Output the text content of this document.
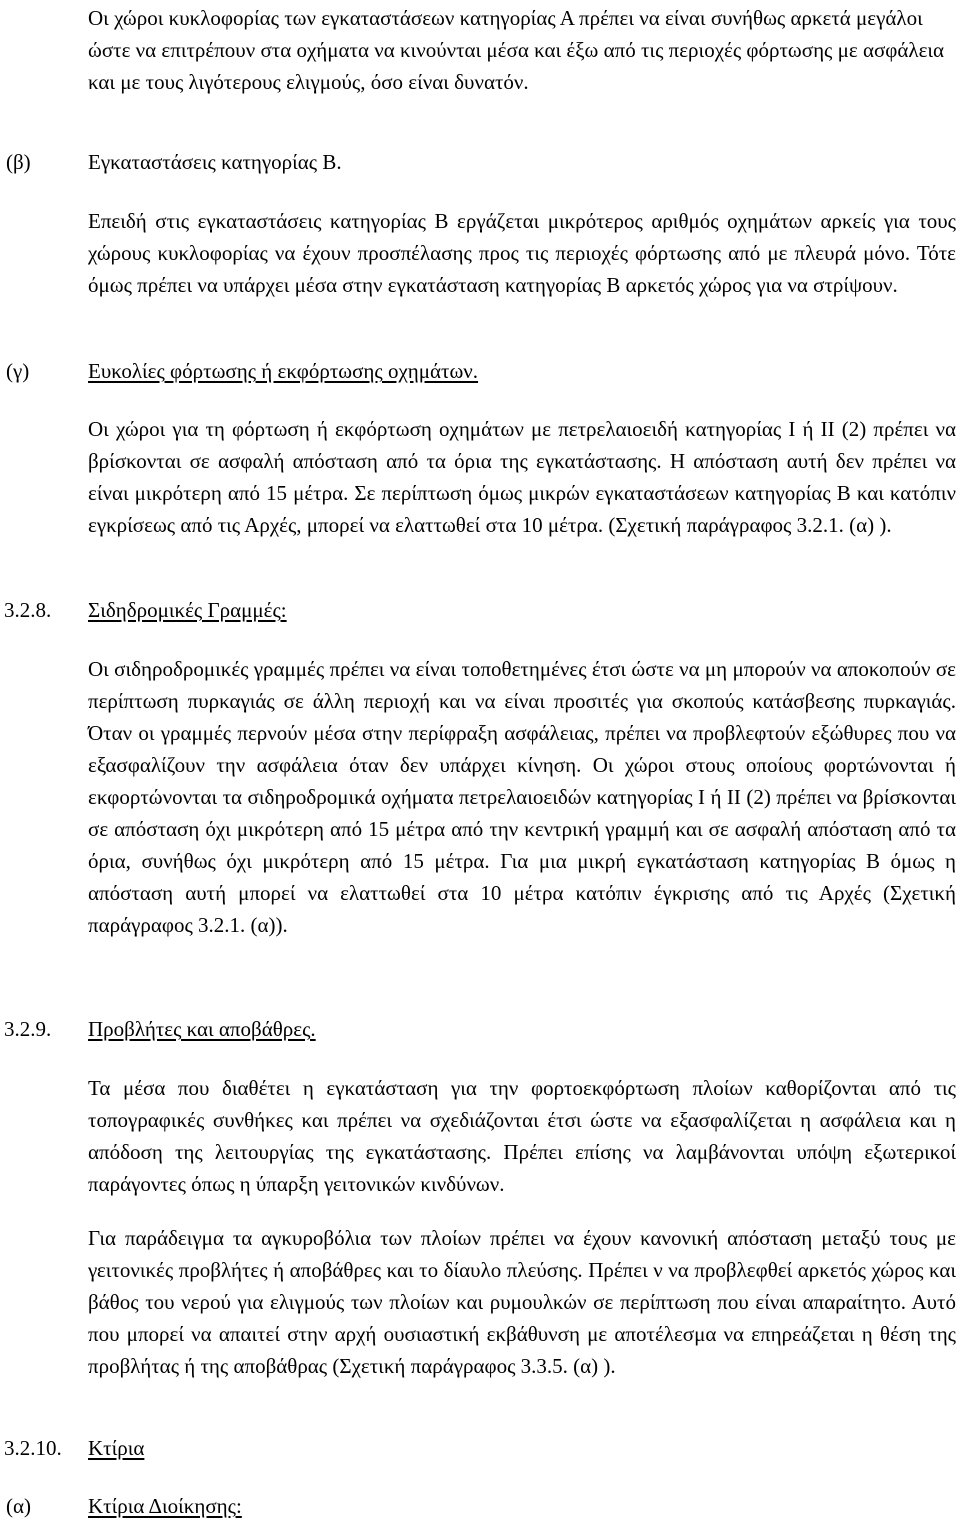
Οι χώροι κυκλοφορίας των εγκαταστάσεων κατηγορίας Α πρέπει να είναι συνήθως αρκετά μεγάλοι ώστε να επιτρέπουν στα οχήματα να κινούνται μέσα και έξω από τις περιοχές φόρτωσης με ασφάλεια και με τους λιγότερους ελιγμούς, όσο είναι δυνατόν.

(β)	Εγκαταστάσεις κατηγορίας Β.

Επειδή στις εγκαταστάσεις κατηγορίας Β εργάζεται μικρότερος αριθμός οχημάτων αρκείς για τους χώρους κυκλοφορίας να έχουν προσπέλασης προς τις περιοχές φόρτωσης από με πλευρά μόνο. Τότε όμως πρέπει να υπάρχει μέσα στην εγκατάσταση κατηγορίας Β αρκετός χώρος για να στρίψουν.

(γ)	Ευκολίες φόρτωσης ή εκφόρτωσης οχημάτων.

Οι χώροι για τη φόρτωση ή εκφόρτωση οχημάτων με πετρελαιοειδή κατηγορίας Ι ή ΙΙ (2) πρέπει να βρίσκονται σε ασφαλή απόσταση από τα όρια της εγκατάστασης. Η απόσταση αυτή δεν πρέπει να είναι μικρότερη από 15 μέτρα. Σε περίπτωση όμως μικρών εγκαταστάσεων κατηγορίας Β και κατόπιν εγκρίσεως από τις Αρχές, μπορεί να ελαττωθεί στα 10 μέτρα. (Σχετική παράγραφος 3.2.1. (α) ).

3.2.8. Σιδηδρομικές Γραμμές:

Οι σιδηροδρομικές γραμμές πρέπει να είναι τοποθετημένες έτσι ώστε να μη μπορούν να αποκοπούν σε περίπτωση πυρκαγιάς σε άλλη περιοχή και να είναι προσιτές για σκοπούς κατάσβεσης πυρκαγιάς. Όταν οι γραμμές περνούν μέσα στην περίφραξη ασφάλειας, πρέπει να προβλεφτούν εξώθυρες που να εξασφαλίζουν την ασφάλεια όταν δεν υπάρχει κίνηση. Οι χώροι στους οποίους φορτώνονται ή εκφορτώνονται τα σιδηροδρομικά οχήματα πετρελαιοειδών κατηγορίας Ι ή ΙΙ (2) πρέπει να βρίσκονται σε απόσταση όχι μικρότερη από 15 μέτρα από την κεντρική γραμμή και σε ασφαλή απόσταση από τα όρια, συνήθως όχι μικρότερη από 15 μέτρα. Για μια μικρή εγκατάσταση κατηγορίας Β όμως η απόσταση αυτή μπορεί να ελαττωθεί στα 10 μέτρα κατόπιν έγκρισης από τις Αρχές (Σχετική παράγραφος 3.2.1. (α)).

3.2.9. Προβλήτες και αποβάθρες.

Τα μέσα που διαθέτει η εγκατάσταση για την φορτοεκφόρτωση πλοίων καθορίζονται από τις τοπογραφικές συνθήκες και πρέπει να σχεδιάζονται έτσι ώστε να εξασφαλίζεται η ασφάλεια και η απόδοση της λειτουργίας της εγκατάστασης. Πρέπει επίσης να λαμβάνονται υπόψη εξωτερικοί παράγοντες όπως η ύπαρξη γειτονικών κινδύνων.

Για παράδειγμα τα αγκυροβόλια των πλοίων πρέπει να έχουν κανονική απόσταση μεταξύ τους με γειτονικές προβλήτες ή αποβάθρες και το δίαυλο πλεύσης. Πρέπει ν να προβλεφθεί αρκετός χώρος και βάθος του νερού για ελιγμούς των πλοίων και ρυμουλκών σε περίπτωση που είναι απαραίτητο. Αυτό που μπορεί να απαιτεί στην αρχή ουσιαστική εκβάθυνση με αποτέλεσμα να επηρεάζεται η θέση της προβλήτας ή της αποβάθρας (Σχετική παράγραφος 3.3.5. (α) ).

3.2.10. Κτίρια
(α)	Κτίρια Διοίκησης:
